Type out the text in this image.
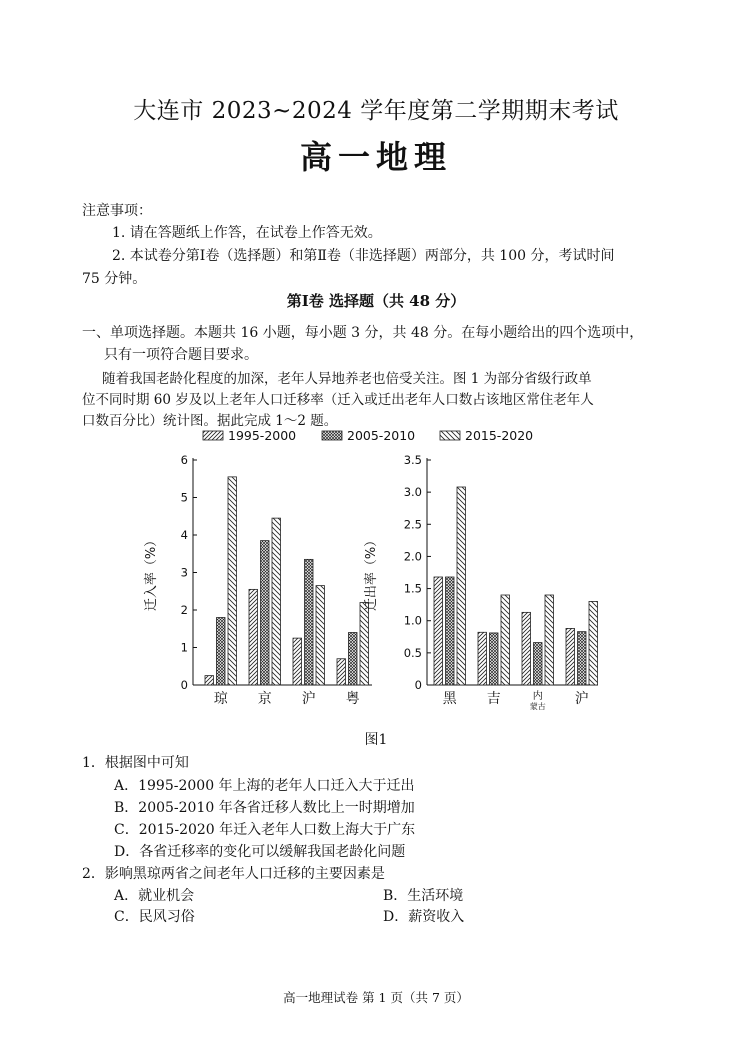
大连市 2023~2024 学年度第二学期期末考试
高一地理
注意事项：
1. 请在答题纸上作答，在试卷上作答无效。
2. 本试卷分第Ⅰ卷（选择题）和第Ⅱ卷（非选择题）两部分，共 100 分，考试时间
75 分钟。
第Ⅰ卷 选择题（共 48 分）
一、单项选择题。本题共 16 小题，每小题 3 分，共 48 分。在每小题给出的四个选项中，
只有一项符合题目要求。
随着我国老龄化程度的加深，老年人异地养老也倍受关注。图 1 为部分省级行政单
位不同时期 60 岁及以上老年人口迁移率（迁入或迁出老年人口数占该地区常住老年人
口数百分比）统计图。据此完成 1～2 题。
1995-2000	2005-2010	2015-2020
0
1
2
3
4
5
6
迁入率（%）
琼 京 沪 粤
0
0.5
1.0
1.5
2.0
2.5
3.0
3.5
迁出率（%）
黑 吉	内
蒙古 沪
图1
1．根据图中可知
A．1995-2000 年上海的老年人口迁入大于迁出
B．2005-2010 年各省迁移人数比上一时期增加
C．2015-2020 年迁入老年人口数上海大于广东
D．各省迁移率的变化可以缓解我国老龄化问题
2．影响黑琼两省之间老年人口迁移的主要因素是
A．就业机会	B．生活环境
C．民风习俗	D．薪资收入
高一地理试卷 第 1 页（共 7 页）
